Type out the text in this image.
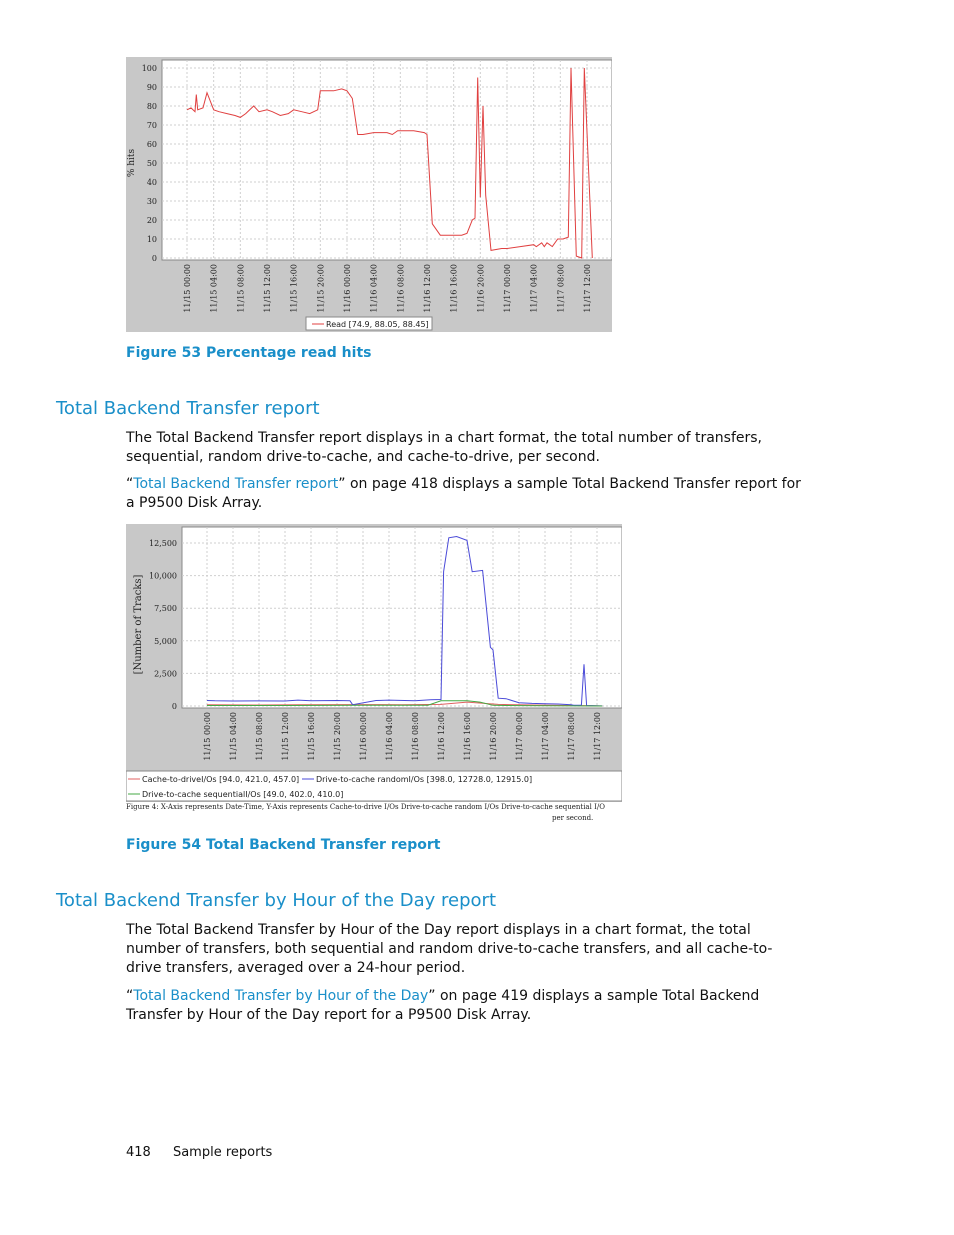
100
90
80
70
60
50
40
30
20
10
0
11/15 00:00 11/15 04:00 11/15 08:00 11/15 12:00 11/15 16:00 11/15 20:00 11/16 00:00 11/16 04:00 11/16 08:00 11/16 12:00 11/16 16:00 11/16 20:00 11/17 00:00 11/17 04:00 11/17 08:00 11/17 12:00
% hits
Read [74.9, 88.05, 88.45]
Figure 53 Percentage read hits
Total Backend Transfer report
The Total Backend Transfer report displays in a chart format, the total number of transfers, sequential, random drive-to-cache, and cache-to-drive, per second.
“Total Backend Transfer report” on page 418 displays a sample Total Backend Transfer report for a P9500 Disk Array.
12,500
10,000
7,500
5,000
2,500
0
11/15 00:00 11/15 04:00 11/15 08:00 11/15 12:00 11/15 16:00 11/15 20:00 11/16 00:00 11/16 04:00 11/16 08:00 11/16 12:00 11/16 16:00 11/16 20:00 11/17 00:00 11/17 04:00 11/17 08:00 11/17 12:00
[Number of Tracks]
Cache-to-driveI/Os [94.0, 421.0, 457.0] Drive-to-cache randomI/Os [398.0, 12728.0, 12915.0]
Drive-to-cache sequentialI/Os [49.0, 402.0, 410.0]
Figure 4: X-Axis represents Date-Time, Y-Axis represents Cache-to-drive I/Os Drive-to-cache random I/Os Drive-to-cache sequential I/O
per second.
Figure 54 Total Backend Transfer report
Total Backend Transfer by Hour of the Day report
The Total Backend Transfer by Hour of the Day report displays in a chart format, the total number of transfers, both sequential and random drive-to-cache transfers, and all cache-to-drive transfers, averaged over a 24-hour period.
“Total Backend Transfer by Hour of the Day” on page 419 displays a sample Total Backend Transfer by Hour of the Day report for a P9500 Disk Array.
418 Sample reports
